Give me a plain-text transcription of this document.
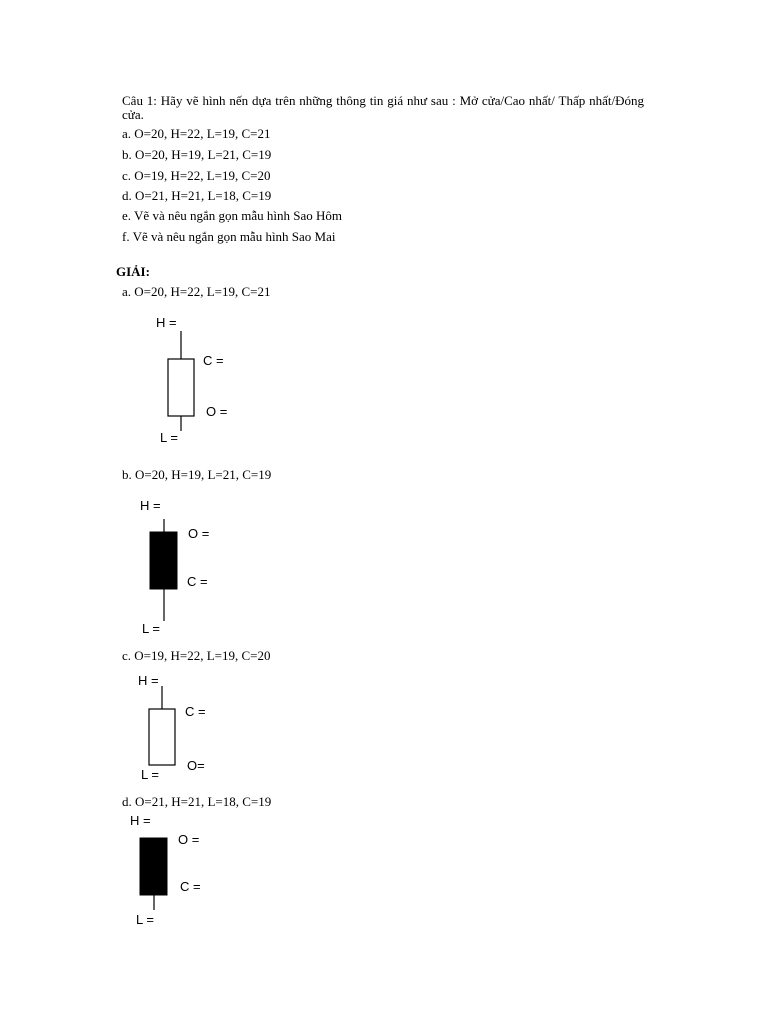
Câu 1: Hãy vẽ hình nến dựa trên những thông tin giá như sau : Mở cửa/Cao nhất/ Thấp nhất/Đóng cửa.
a. O=20, H=22, L=19, C=21
b. O=20, H=19, L=21, C=19
c. O=19, H=22, L=19, C=20
d. O=21, H=21, L=18, C=19
e. Vẽ và nêu ngắn gọn mẫu hình Sao Hôm
f. Vẽ và nêu ngắn gọn mẫu hình Sao Mai
GIẢI:
a. O=20, H=22, L=19, C=21
H =
C =
O =
L =
b. O=20, H=19, L=21, C=19
H =
O =
C =
L =
c. O=19, H=22, L=19, C=20
H =
C =
O=
L =
d. O=21, H=21, L=18, C=19
H =
O =
C =
L =
